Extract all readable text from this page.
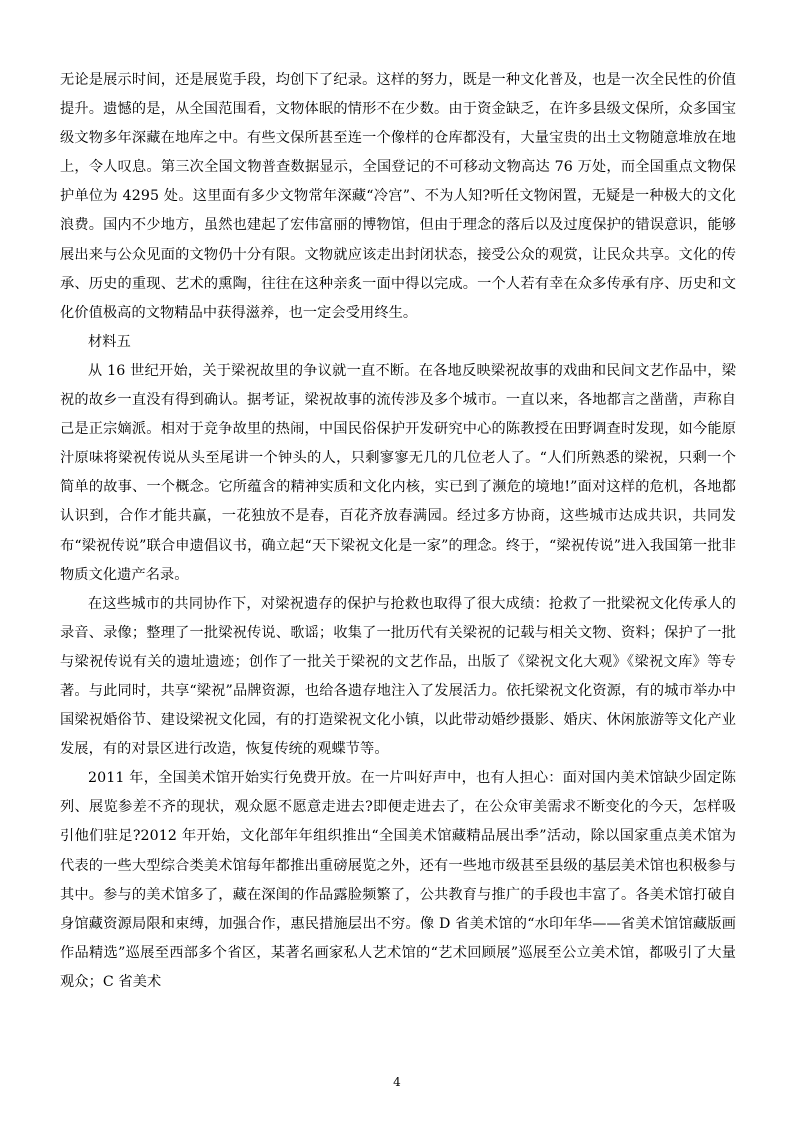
无论是展示时间，还是展览手段，均创下了纪录。这样的努力，既是一种文化普及，也是一次全民性的价值提升。遗憾的是，从全国范围看，文物体眠的情形不在少数。由于资金缺乏，在许多县级文保所，众多国宝级文物多年深藏在地库之中。有些文保所甚至连一个像样的仓库都没有，大量宝贵的出土文物随意堆放在地上，令人叹息。第三次全国文物普查数据显示，全国登记的不可移动文物高达 76 万处，而全国重点文物保护单位为 4295 处。这里面有多少文物常年深藏“冷宫”、不为人知?听任文物闲置，无疑是一种极大的文化浪费。国内不少地方，虽然也建起了宏伟富丽的博物馆，但由于理念的落后以及过度保护的错误意识，能够展出来与公众见面的文物仍十分有限。文物就应该走出封闭状态，接受公众的观赏，让民众共享。文化的传承、历史的重现、艺术的熏陶，往往在这种亲炙一面中得以完成。一个人若有幸在众多传承有序、历史和文化价值极高的文物精品中获得滋养，也一定会受用终生。

材料五

从 16 世纪开始，关于梁祝故里的争议就一直不断。在各地反映梁祝故事的戏曲和民间文艺作品中，梁祝的故乡一直没有得到确认。据考证，梁祝故事的流传涉及多个城市。一直以来，各地都言之凿凿，声称自己是正宗嫡派。相对于竞争故里的热闹，中国民俗保护开发研究中心的陈教授在田野调查时发现，如今能原汁原味将梁祝传说从头至尾讲一个钟头的人，只剩寥寥无几的几位老人了。“人们所熟悉的梁祝，只剩一个简单的故事、一个概念。它所蕴含的精神实质和文化内核，实已到了濒危的境地!”面对这样的危机，各地都认识到，合作才能共赢，一花独放不是春，百花齐放春满园。经过多方协商，这些城市达成共识，共同发布“梁祝传说”联合申遗倡议书，确立起“天下梁祝文化是一家”的理念。终于，“梁祝传说”进入我国第一批非物质文化遗产名录。

在这些城市的共同协作下，对梁祝遗存的保护与抢救也取得了很大成绩：抢救了一批梁祝文化传承人的录音、录像；整理了一批梁祝传说、歌谣；收集了一批历代有关梁祝的记载与相关文物、资料；保护了一批与梁祝传说有关的遗址遗迹；创作了一批关于梁祝的文艺作品，出版了《梁祝文化大观》《梁祝文库》等专著。与此同时，共享“梁祝”品牌资源，也给各遗存地注入了发展活力。依托梁祝文化资源，有的城市举办中国梁祝婚俗节、建设梁祝文化园，有的打造梁祝文化小镇，以此带动婚纱摄影、婚庆、休闲旅游等文化产业发展，有的对景区进行改造，恢复传统的观蝶节等。

2011 年，全国美术馆开始实行免费开放。在一片叫好声中，也有人担心：面对国内美术馆缺少固定陈列、展览参差不齐的现状，观众愿不愿意走进去?即便走进去了，在公众审美需求不断变化的今天，怎样吸引他们驻足?2012 年开始，文化部年年组织推出“全国美术馆藏精品展出季”活动，除以国家重点美术馆为代表的一些大型综合类美术馆每年都推出重磅展览之外，还有一些地市级甚至县级的基层美术馆也积极参与其中。参与的美术馆多了，藏在深闺的作品露脸频繁了，公共教育与推广的手段也丰富了。各美术馆打破自身馆藏资源局限和束缚，加强合作，惠民措施层出不穷。像 D 省美术馆的“水印年华——省美术馆馆藏版画作品精选”巡展至西部多个省区，某著名画家私人艺术馆的“艺术回顾展”巡展至公立美术馆，都吸引了大量观众；C 省美术

4
